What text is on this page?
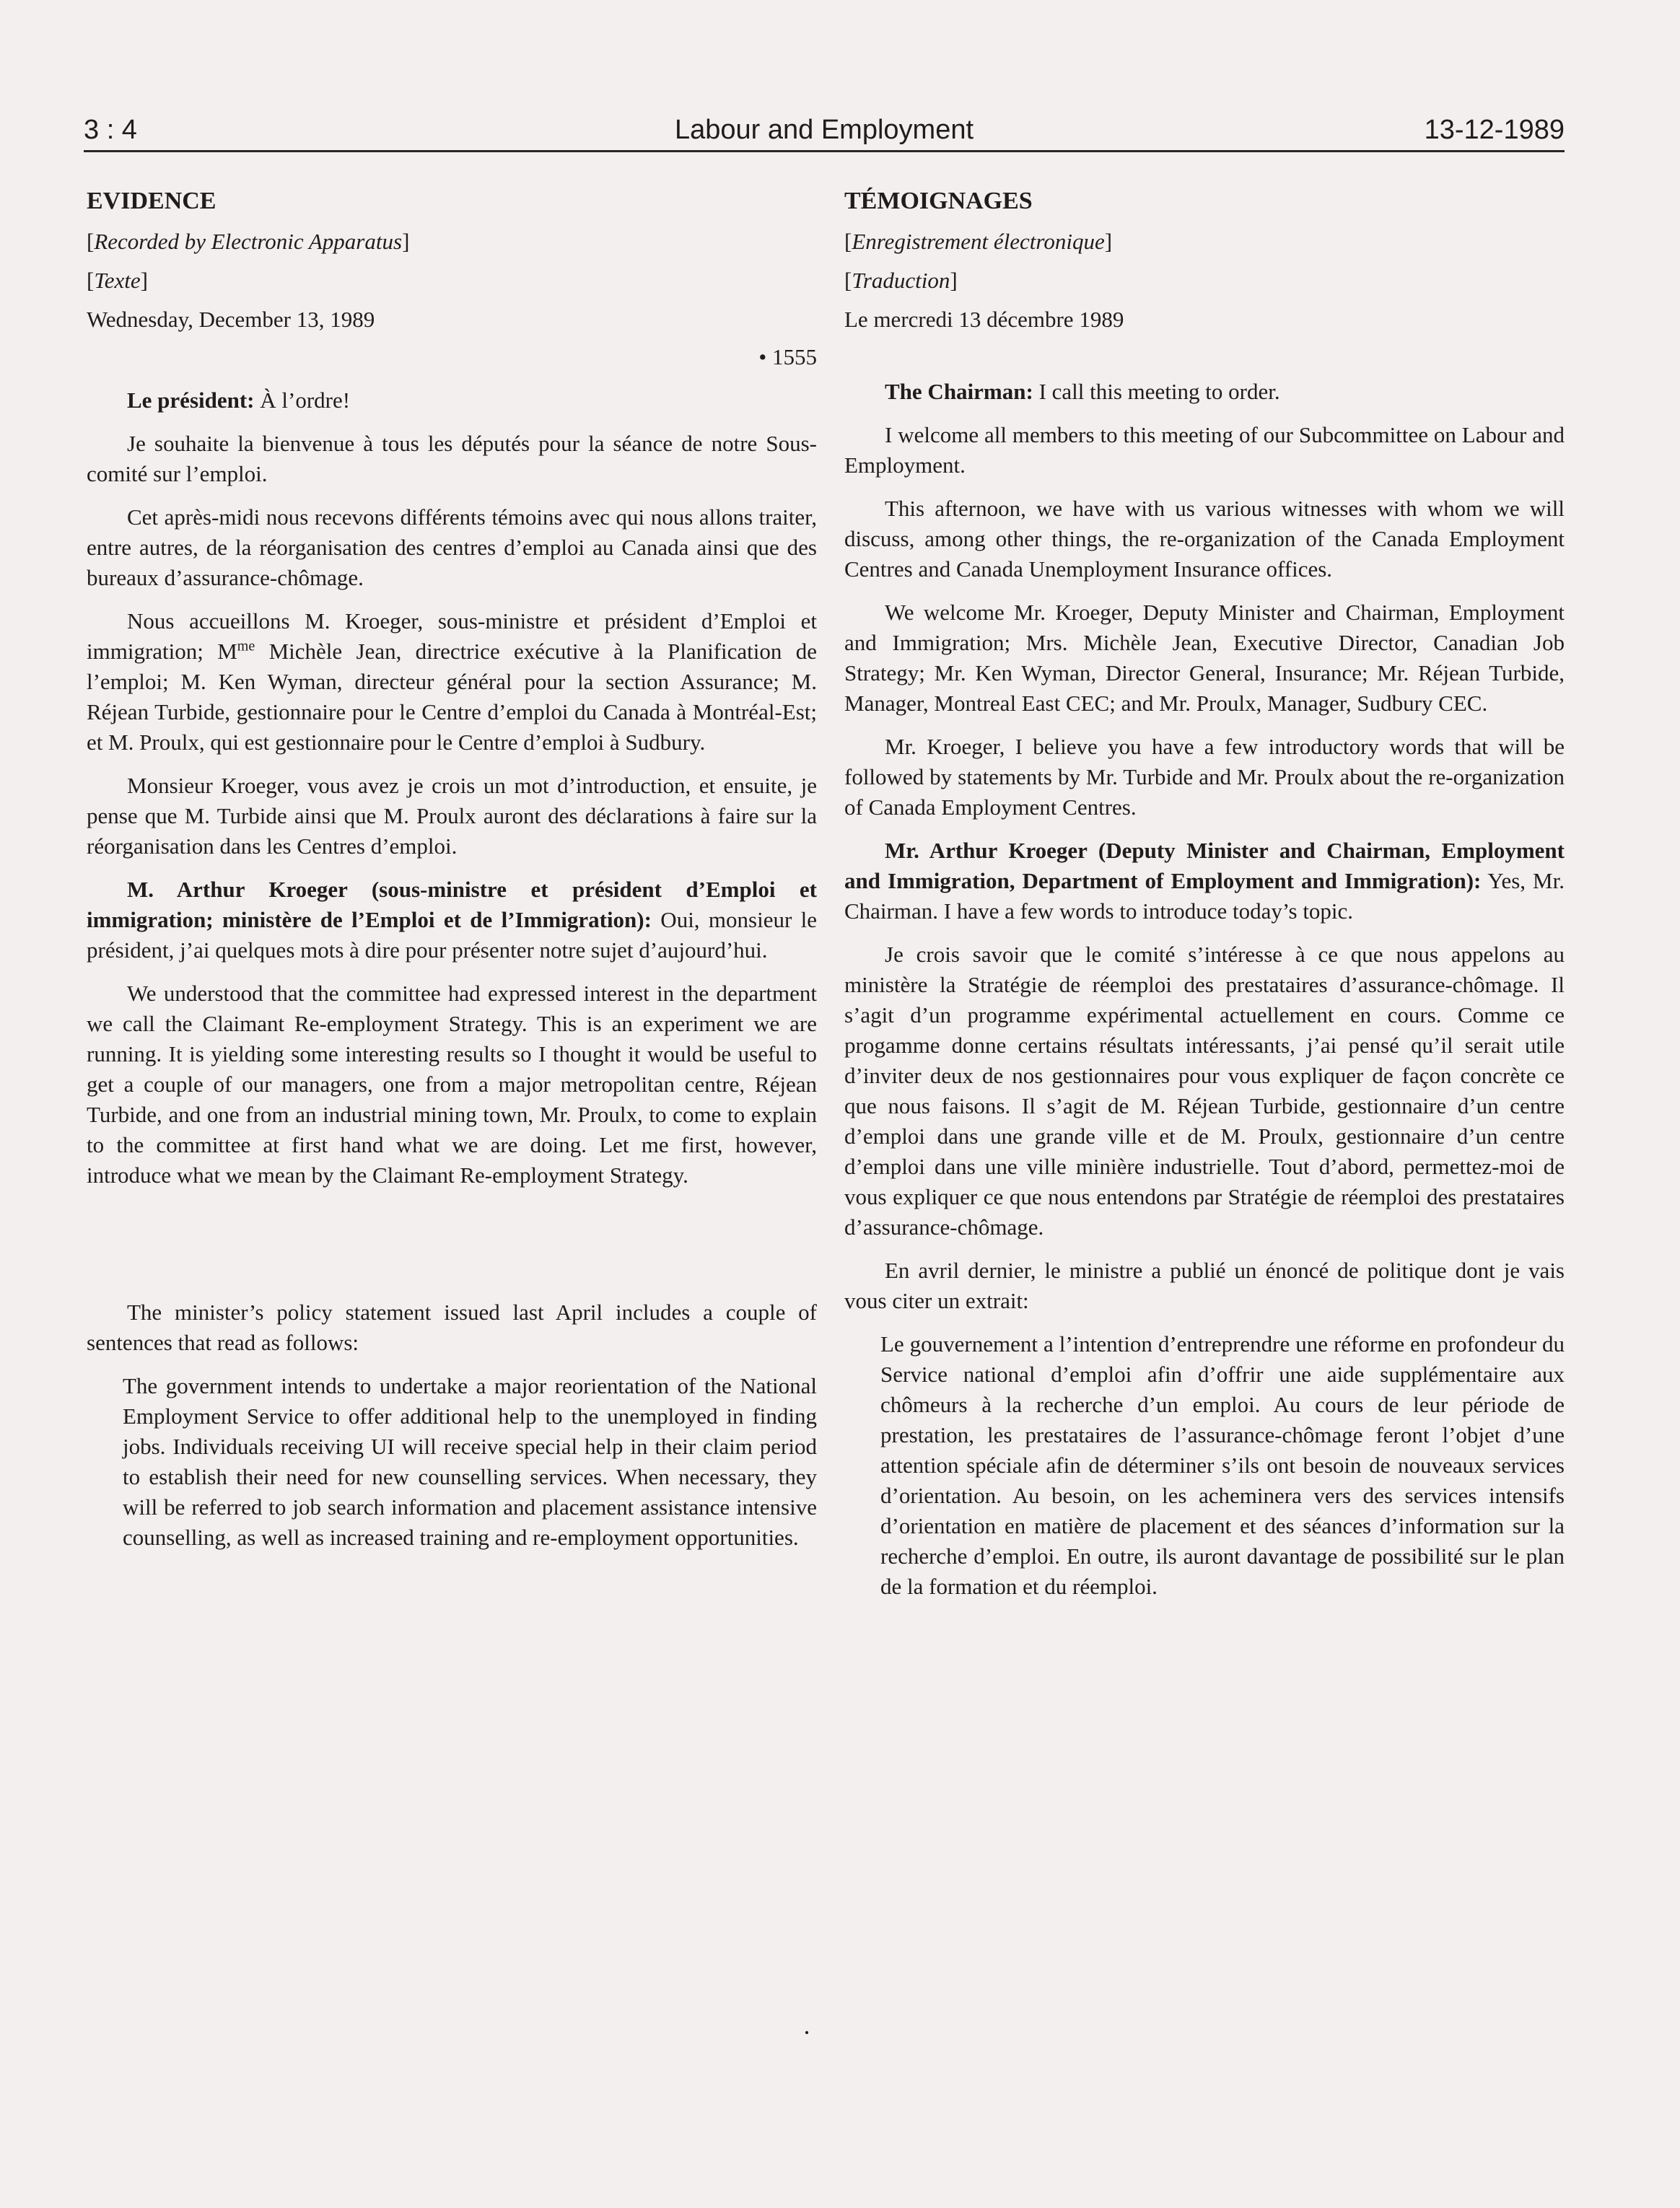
3 : 4	Labour and Employment	13-12-1989
EVIDENCE
[Recorded by Electronic Apparatus]
[Texte]
Wednesday, December 13, 1989
• 1555

Le président: À l’ordre!

Je souhaite la bienvenue à tous les députés pour la séance de notre Sous-comité sur l’emploi.

Cet après-midi nous recevons différents témoins avec qui nous allons traiter, entre autres, de la réorganisation des centres d’emploi au Canada ainsi que des bureaux d’assurance-chômage.

Nous accueillons M. Kroeger, sous-ministre et président d’Emploi et immigration; $M^{me}$ Michèle Jean, directrice exécutive à la Planification de l’emploi; M. Ken Wyman, directeur général pour la section Assurance; M. Réjean Turbide, gestionnaire pour le Centre d’emploi du Canada à Montréal-Est; et M. Proulx, qui est gestionnaire pour le Centre d’emploi à Sudbury.

Monsieur Kroeger, vous avez je crois un mot d’introduction, et ensuite, je pense que M. Turbide ainsi que M. Proulx auront des déclarations à faire sur la réorganisation dans les Centres d’emploi.

M. Arthur Kroeger (sous-ministre et président d’Emploi et immigration; ministère de l’Emploi et de l’Immigration): Oui, monsieur le président, j’ai quelques mots à dire pour présenter notre sujet d’aujourd’hui.

We understood that the committee had expressed interest in the department we call the Claimant Re-employment Strategy. This is an experiment we are running. It is yielding some interesting results so I thought it would be useful to get a couple of our managers, one from a major metropolitan centre, Réjean Turbide, and one from an industrial mining town, Mr. Proulx, to come to explain to the committee at first hand what we are doing. Let me first, however, introduce what we mean by the Claimant Re-employment Strategy.

The minister’s policy statement issued last April includes a couple of sentences that read as follows:

The government intends to undertake a major reorientation of the National Employment Service to offer additional help to the unemployed in finding jobs. Individuals receiving UI will receive special help in their claim period to establish their need for new counselling services. When necessary, they will be referred to job search information and placement assistance intensive counselling, as well as increased training and re-employment opportunities.

TÉMOIGNAGES
[Enregistrement électronique]
[Traduction]
Le mercredi 13 décembre 1989

The Chairman: I call this meeting to order.

I welcome all members to this meeting of our Subcommittee on Labour and Employment.

This afternoon, we have with us various witnesses with whom we will discuss, among other things, the re-organization of the Canada Employment Centres and Canada Unemployment Insurance offices.

We welcome Mr. Kroeger, Deputy Minister and Chairman, Employment and Immigration; Mrs. Michèle Jean, Executive Director, Canadian Job Strategy; Mr. Ken Wyman, Director General, Insurance; Mr. Réjean Turbide, Manager, Montreal East CEC; and Mr. Proulx, Manager, Sudbury CEC.

Mr. Kroeger, I believe you have a few introductory words that will be followed by statements by Mr. Turbide and Mr. Proulx about the re-organization of Canada Employment Centres.

Mr. Arthur Kroeger (Deputy Minister and Chairman, Employment and Immigration, Department of Employment and Immigration): Yes, Mr. Chairman. I have a few words to introduce today’s topic.

Je crois savoir que le comité s’intéresse à ce que nous appelons au ministère la Stratégie de réemploi des prestataires d’assurance-chômage. Il s’agit d’un programme expérimental actuellement en cours. Comme ce progamme donne certains résultats intéressants, j’ai pensé qu’il serait utile d’inviter deux de nos gestionnaires pour vous expliquer de façon concrète ce que nous faisons. Il s’agit de M. Réjean Turbide, gestionnaire d’un centre d’emploi dans une grande ville et de M. Proulx, gestionnaire d’un centre d’emploi dans une ville minière industrielle. Tout d’abord, permettez-moi de vous expliquer ce que nous entendons par Stratégie de réemploi des prestataires d’assurance-chômage.

En avril dernier, le ministre a publié un énoncé de politique dont je vais vous citer un extrait:

Le gouvernement a l’intention d’entreprendre une réforme en profondeur du Service national d’emploi afin d’offrir une aide supplémentaire aux chômeurs à la recherche d’un emploi. Au cours de leur période de prestation, les prestataires de l’assurance-chômage feront l’objet d’une attention spéciale afin de déterminer s’ils ont besoin de nouveaux services d’orientation. Au besoin, on les acheminera vers des services intensifs d’orientation en matière de placement et des séances d’information sur la recherche d’emploi. En outre, ils auront davantage de possibilité sur le plan de la formation et du réemploi.

·
